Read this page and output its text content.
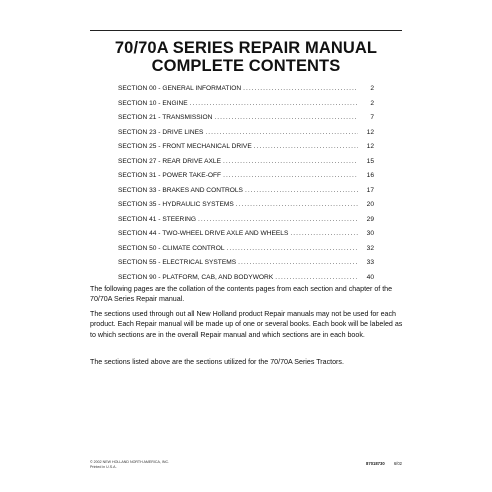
70/70A SERIES REPAIR MANUAL
COMPLETE CONTENTS
SECTION 00 - GENERAL INFORMATION . . .	2
SECTION 10 - ENGINE . . .	2
SECTION 21 - TRANSMISSION . . .	7
SECTION 23 - DRIVE LINES . . .	12
SECTION 25 - FRONT MECHANICAL DRIVE . . .	12
SECTION 27 - REAR DRIVE AXLE . . .	15
SECTION 31 - POWER TAKE-OFF . . .	16
SECTION 33 - BRAKES AND CONTROLS . . .	17
SECTION 35 - HYDRAULIC SYSTEMS . . .	20
SECTION 41 - STEERING . . .	29
SECTION 44 - TWO-WHEEL DRIVE AXLE AND WHEELS . . .	30
SECTION 50 - CLIMATE CONTROL . . .	32
SECTION 55 - ELECTRICAL SYSTEMS . . .	33
SECTION 90 - PLATFORM, CAB, AND BODYWORK . . .	40
The following pages are the collation of the contents pages from each section and chapter of the 70/70A Series Repair manual.
The sections used through out all New Holland product Repair manuals may not be used for each product. Each Repair manual will be made up of one or several books. Each book will be labeled as to which sections are in the overall Repair manual and which sections are in each book.
The sections listed above are the sections utilized for the 70/70A Series Tractors.
© 2002 NEW HOLLAND NORTH AMERICA, INC.
Printed in U.S.A.
87018730 6/02
